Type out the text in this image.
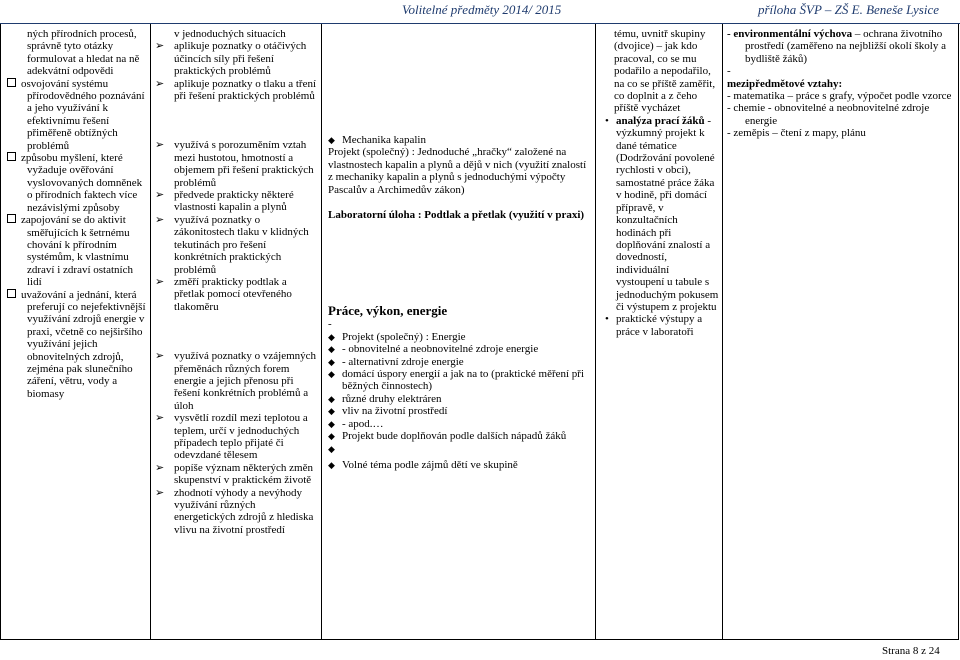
Volitelné předměty 2014/ 2015	příloha ŠVP – ZŠ E. Beneše Lysice
ných přírodních procesů, správně tyto otázky formulovat a hledat na ně adekvátní odpovědi
osvojování systému přírodovědného poznávání a jeho využívání k efektivnímu řešení přiměřeně obtížných problémů
způsobu myšlení, které vyžaduje ověřování vyslovovaných domněnek o přírodních faktech více nezávislými způsoby
zapojování se do aktivit směřujících k šetrnému chování k přírodním systémům, k vlastnímu zdraví i zdraví ostatních lidí
uvažování a jednání, která preferují co nejefektivnější využívání zdrojů energie v praxi, včetně co nejširšího využívání jejich obnovitelných zdrojů, zejména pak slunečního záření, větru, vody a biomasy
v jednoduchých situacích
➢ aplikuje poznatky o otáčivých účincích síly při řešení praktických problémů
➢ aplikuje poznatky o tlaku a tření při řešení praktických problémů
➢ využívá s porozuměním vztah mezi hustotou, hmotností a objemem při řešení praktických problémů
➢ předvede prakticky některé vlastnosti kapalin a plynů
➢ využívá poznatky o zákonitostech tlaku v klidných tekutinách pro řešení konkrétních praktických problémů
➢ změří prakticky podtlak a přetlak pomocí otevřeného tlakoměru
➢ využívá poznatky o vzájemných přeměnách různých forem energie a jejich přenosu při řešení konkrétních problémů a úloh
➢ vysvětlí rozdíl mezi teplotou a teplem, určí v jednoduchých případech teplo přijaté či odevzdané tělesem
➢ popíše význam některých změn skupenství v praktickém životě
➢ zhodnotí výhody a nevýhody využívání různých energetických zdrojů z hlediska vlivu na životní prostředí
◆ Mechanika kapalin
Projekt (společný) : Jednoduché „hračky“ založené na vlastnostech kapalin a plynů a dějů v nich (využití znalostí z mechaniky kapalin a plynů s jednoduchými výpočty Pascalův a Archimedův zákon)
Laboratorní úloha : Podtlak a přetlak (využití v praxi)
Práce, výkon, energie
-
◆ Projekt (společný) : Energie
◆ - obnovitelné a neobnovitelné zdroje energie
◆ - alternativní zdroje energie
◆ domácí úspory energií a jak na to (praktické měření při běžných činnostech)
◆ různé druhy elektráren
◆ vliv na životní prostředí
◆ - apod.…
◆ Projekt bude doplňován podle dalších nápadů žáků
◆
◆ Volné téma podle zájmů dětí ve skupině
tému, uvnitř skupiny (dvojice) – jak kdo pracoval, co se mu podařilo a nepodařilo, na co se příště zaměřit, co doplnit a z čeho příště vycházet
• analýza prací žáků - výzkumný projekt k dané tématice (Dodržování povolené rychlosti v obci), samostatné práce žáka v hodině, při domácí přípravě, v konzultačních hodinách při doplňování znalostí a dovedností, individuální vystoupení u tabule s jednoduchým pokusem či výstupem z projektu
• praktické výstupy a práce v laboratoři
- environmentální výchova – ochrana životního prostředí (zaměřeno na nejbližší okolí školy a bydliště žáků)
-
mezipředmětové vztahy:
- matematika – práce s grafy, výpočet podle vzorce
- chemie - obnovitelné a neobnovitelné zdroje energie
- zeměpis – čtení z mapy, plánu
Strana 8 z 24
